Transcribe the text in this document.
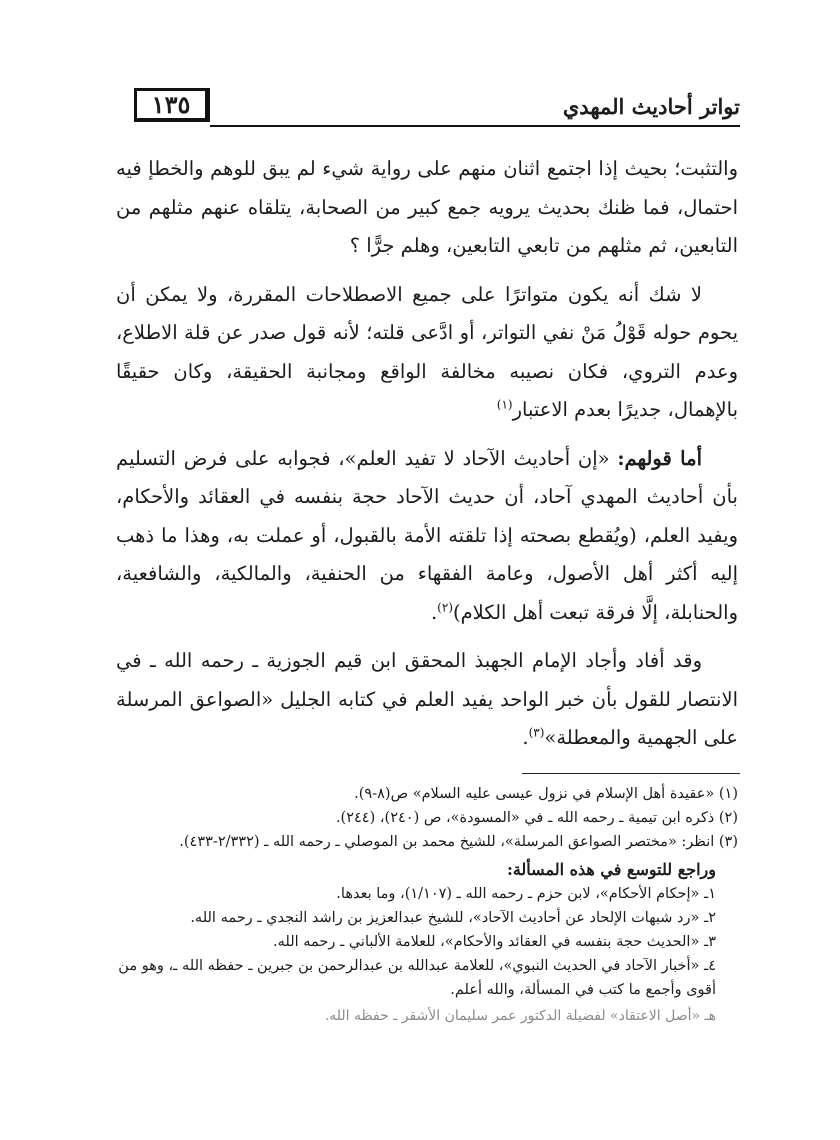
١٣٥	تواتر أحاديث المهدي

والتثبت؛ بحيث إذا اجتمع اثنان منهم على رواية شيء لم يبق للوهم والخطإ فيه احتمال، فما ظنك بحديث يرويه جمع كبير من الصحابة، يتلقاه عنهم مثلهم من التابعين، ثم مثلهم من تابعي التابعين، وهلم جرًّا ؟

لا شك أنه يكون متواترًا على جميع الاصطلاحات المقررة، ولا يمكن أن يحوم حوله قَوْلُ مَنْ نفي التواتر، أو ادَّعى قلته؛ لأنه قول صدر عن قلة الاطلاع، وعدم التروي، فكان نصيبه مخالفة الواقع ومجانبة الحقيقة، وكان حقيقًا بالإهمال، جديرًا بعدم الاعتبار$^{(١)}$

أما قولهم: «إن أحاديث الآحاد لا تفيد العلم»، فجوابه على فرض التسليم بأن أحاديث المهدي آحاد، أن حديث الآحاد حجة بنفسه في العقائد والأحكام، ويفيد العلم، (ويُقطع بصحته إذا تلقته الأمة بالقبول، أو عملت به، وهذا ما ذهب إليه أكثر أهل الأصول، وعامة الفقهاء من الحنفية، والمالكية، والشافعية، والحنابلة، إلَّا فرقة تبعت أهل الكلام)$^{(٢)}$.

وقد أفاد وأجاد الإمام الجهبذ المحقق ابن قيم الجوزية ـ رحمه الله ـ في الانتصار للقول بأن خبر الواحد يفيد العلم في كتابه الجليل «الصواعق المرسلة على الجهمية والمعطلة»$^{(٣)}$.

(١) «عقيدة أهل الإسلام في نزول عيسى عليه السلام» ص(٨-٩).

(٢) ذكره ابن تيمية ـ رحمه الله ـ في «المسودة»، ص (٢٤٠)، (٢٤٤).

(٣) انظر: «مختصر الصواعق المرسلة»، للشيخ محمد بن الموصلي ـ رحمه الله ـ (٢/٣٣٢-٤٣٣).

وراجع للتوسع في هذه المسألة:

١ـ «إحكام الأحكام»، لابن حزم ـ رحمه الله ـ (١/١٠٧)، وما بعدها.

٢ـ «رد شبهات الإلحاد عن أحاديث الآحاد»، للشيخ عبدالعزيز بن راشد النجدي ـ رحمه الله.

٣ـ «الحديث حجة بنفسه في العقائد والأحكام»، للعلامة الألباني ـ رحمه الله.

٤ـ «أخبار الآحاد في الحديث النبوي»، للعلامة عبدالله بن عبدالرحمن بن جبرين ـ حفظه الله ـ، وهو من أقوى وأجمع ما كتب في المسألة، والله أعلم.

هـ «أصل الاعتقاد» لفضيلة الدكتور عمر سليمان الأشقر ـ حفظه الله.
